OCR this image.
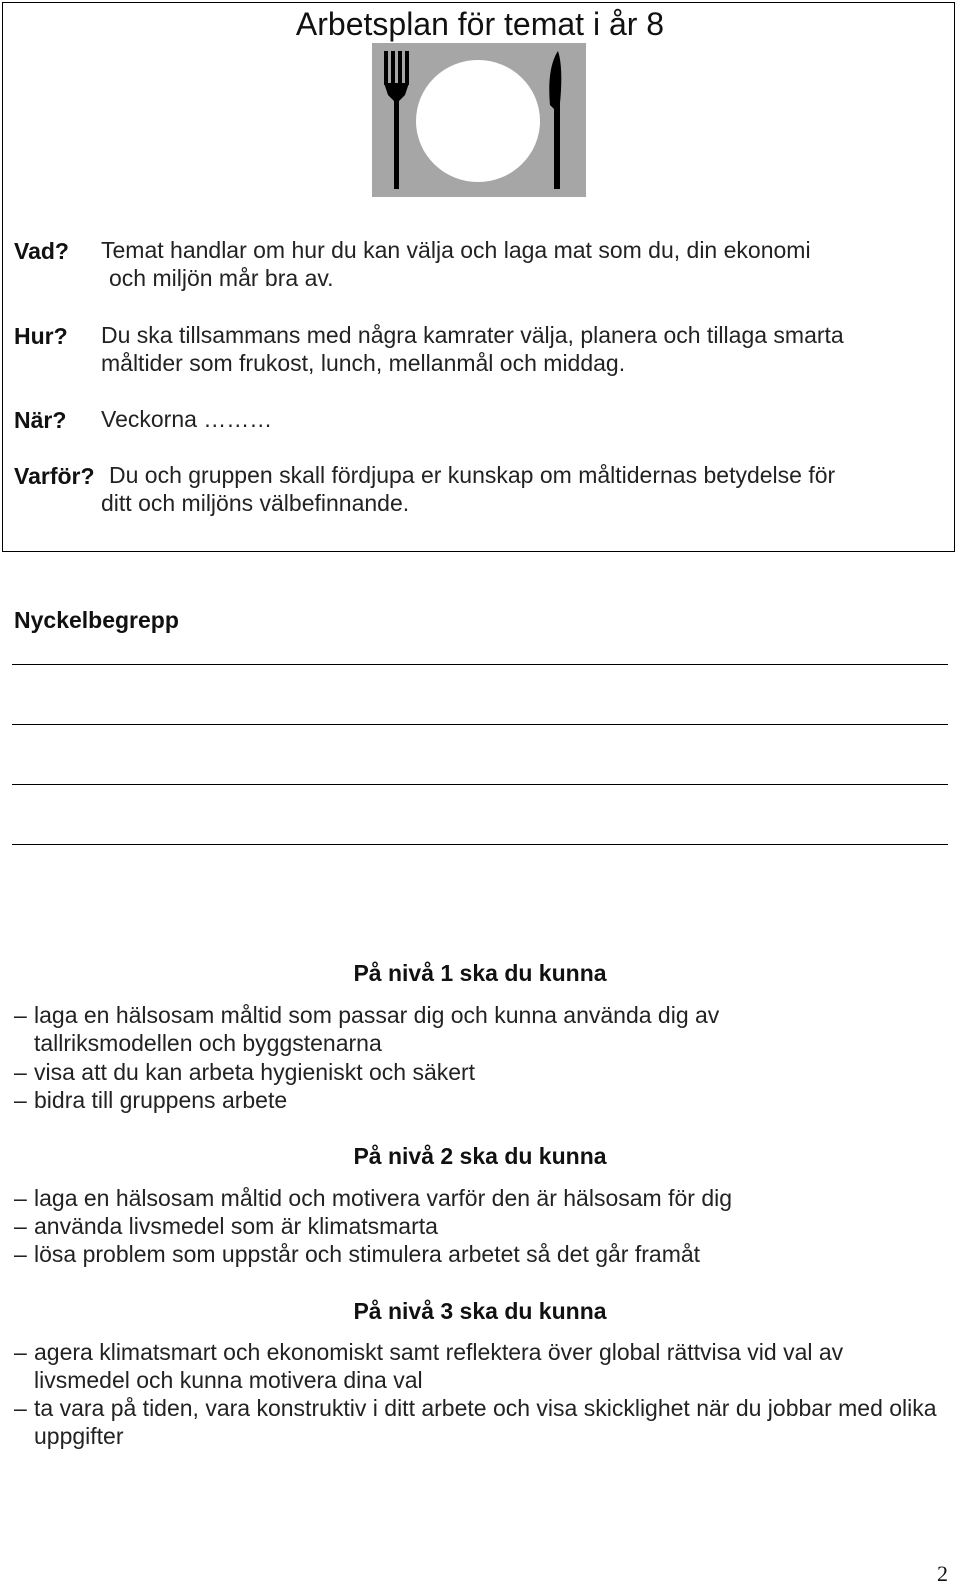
Arbetsplan för temat i år 8
Vad? Temat handlar om hur du kan välja och laga mat som du, din ekonomi
och miljön mår bra av.
Hur? Du ska tillsammans med några kamrater välja, planera och tillaga smarta
måltider som frukost, lunch, mellanmål och middag.
När? Veckorna ………
Varför? Du och gruppen skall fördjupa er kunskap om måltidernas betydelse för
ditt och miljöns välbefinnande.
Nyckelbegrepp
På nivå 1 ska du kunna
– laga en hälsosam måltid som passar dig och kunna använda dig av tallriksmodellen och byggstenarna
– visa att du kan arbeta hygieniskt och säkert
– bidra till gruppens arbete
På nivå 2 ska du kunna
– laga en hälsosam måltid och motivera varför den är hälsosam för dig
– använda livsmedel som är klimatsmarta
– lösa problem som uppstår och stimulera arbetet så det går framåt
På nivå 3 ska du kunna
– agera klimatsmart och ekonomiskt samt reflektera över global rättvisa vid val av livsmedel och kunna motivera dina val
– ta vara på tiden, vara konstruktiv i ditt arbete och visa skicklighet när du jobbar med olika uppgifter
2
